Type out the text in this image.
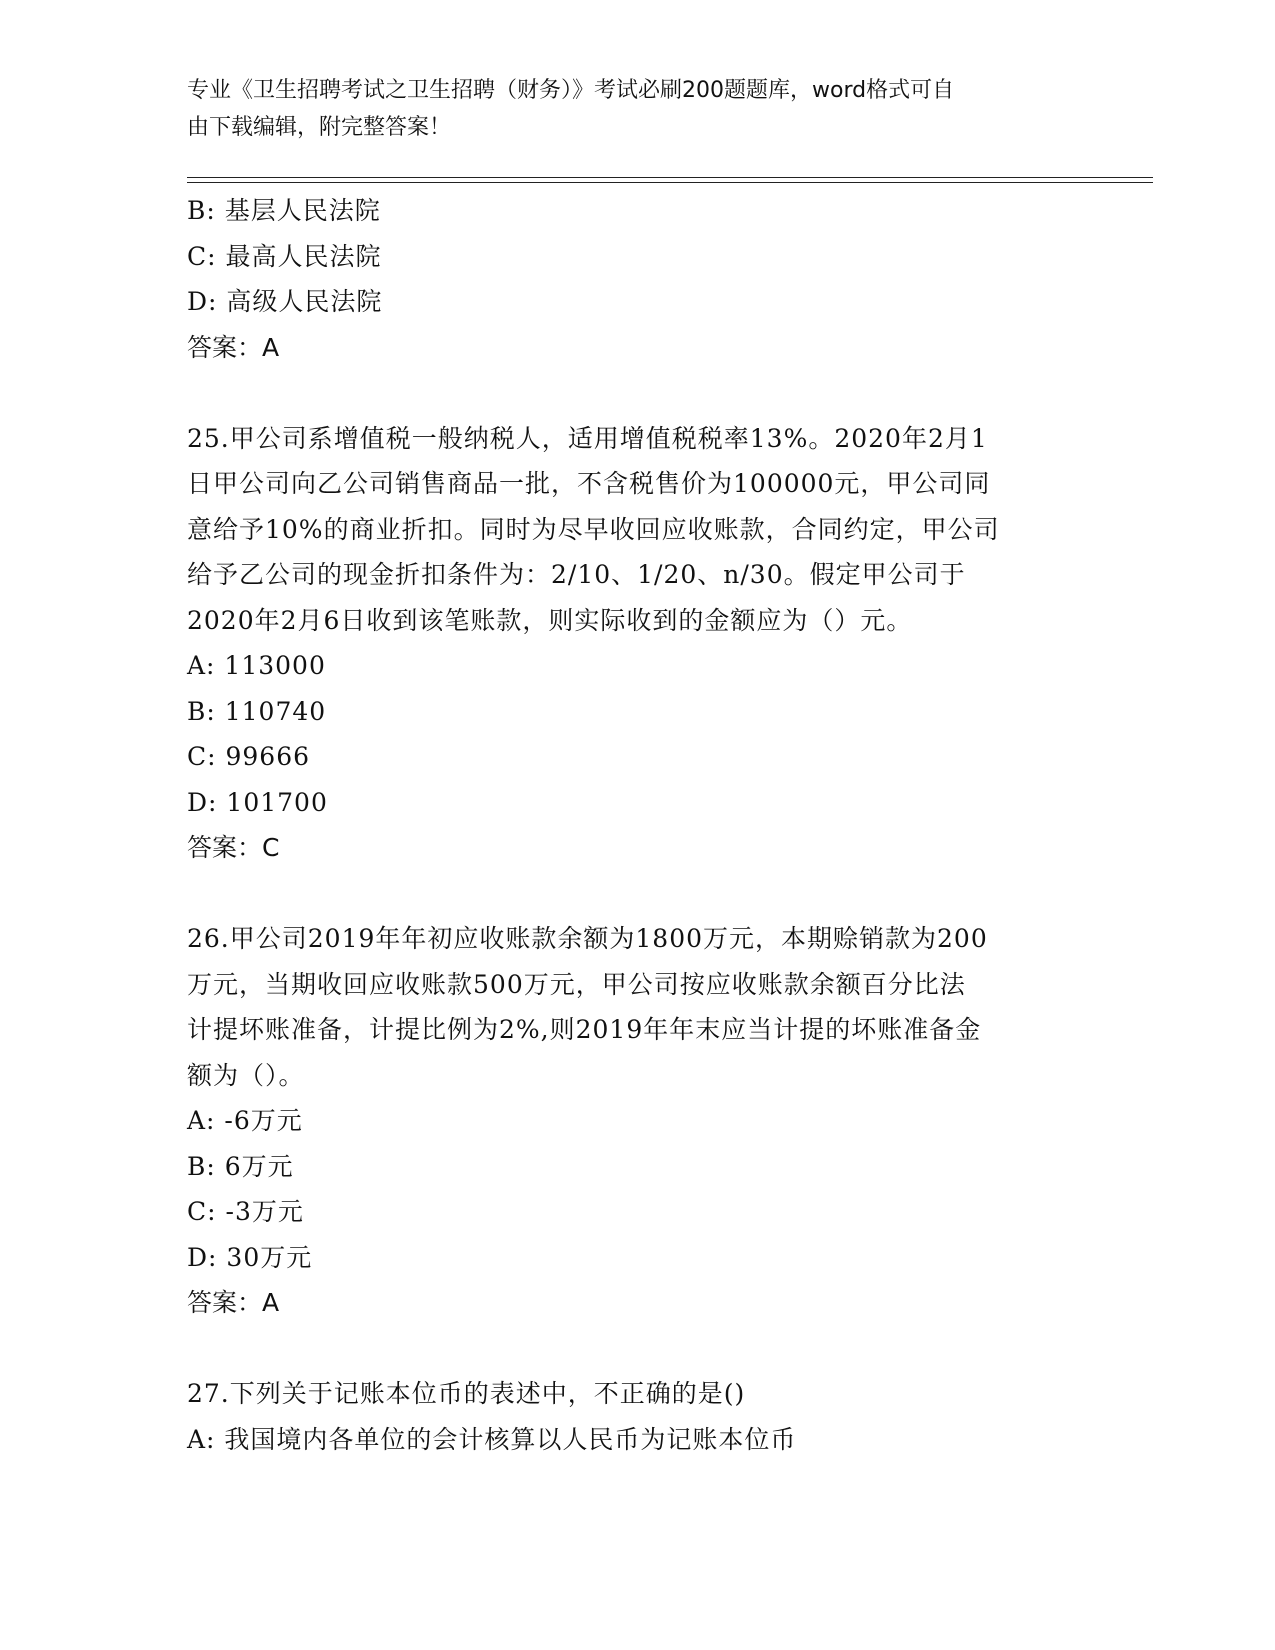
专业《卫生招聘考试之卫生招聘（财务）》考试必刷200题题库，word格式可自
由下载编辑，附完整答案！
B: 基层人民法院
C: 最高人民法院
D: 高级人民法院
答案：A
25.甲公司系增值税一般纳税人，适用增值税税率13%。2020年2月1
日甲公司向乙公司销售商品一批，不含税售价为100000元，甲公司同
意给予10%的商业折扣。同时为尽早收回应收账款，合同约定，甲公司
给予乙公司的现金折扣条件为：2/10、1/20、n/30。假定甲公司于
2020年2月6日收到该笔账款，则实际收到的金额应为（）元。
A: 113000
B: 110740
C: 99666
D: 101700
答案：C
26.甲公司2019年年初应收账款余额为1800万元，本期赊销款为200
万元，当期收回应收账款500万元，甲公司按应收账款余额百分比法
计提坏账准备，计提比例为2%,则2019年年末应当计提的坏账准备金
额为（）。
A: -6万元
B: 6万元
C: -3万元
D: 30万元
答案：A
27.下列关于记账本位币的表述中，不正确的是()
A: 我国境内各单位的会计核算以人民币为记账本位币
